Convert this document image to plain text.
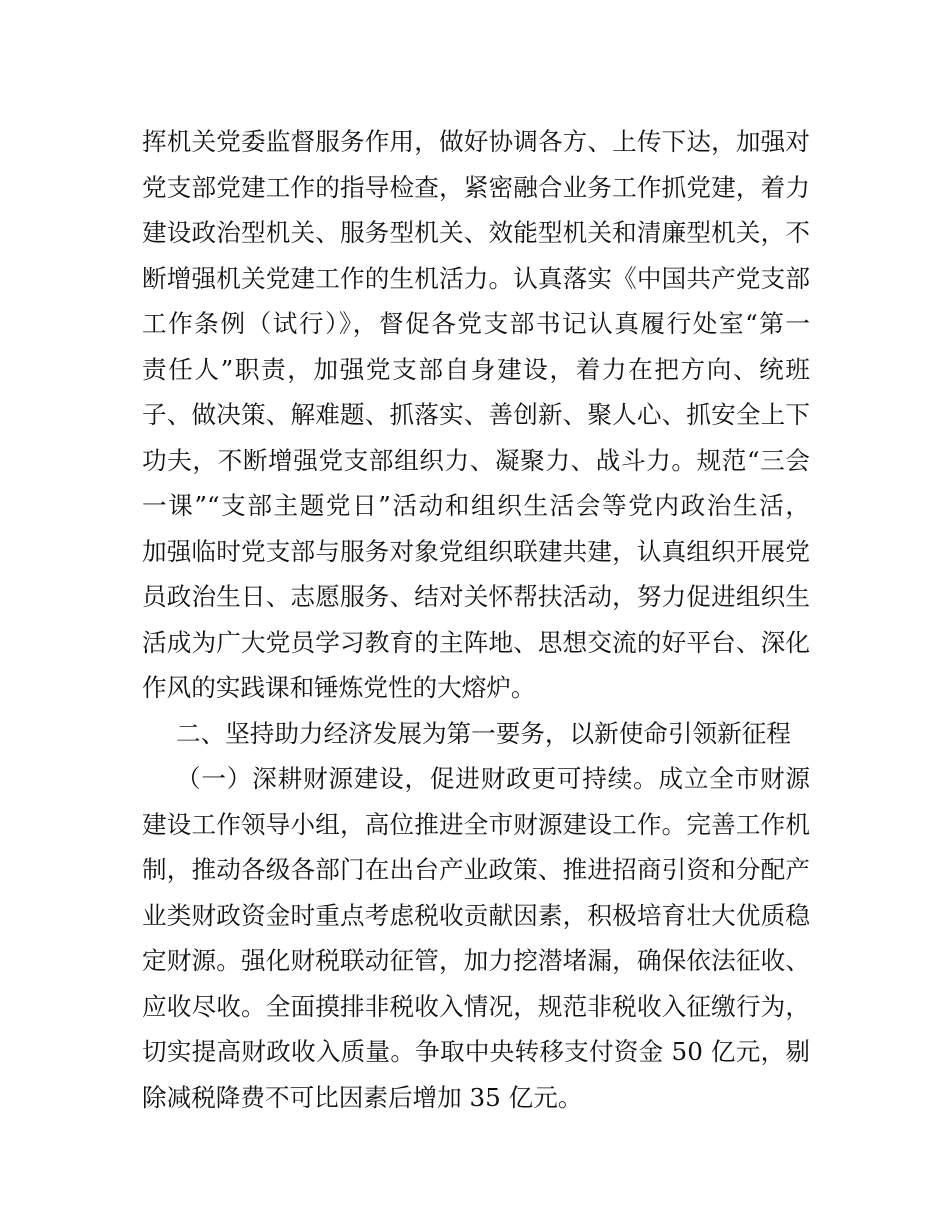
挥机关党委监督服务作用，做好协调各方、上传下达，加强对
党支部党建工作的指导检查，紧密融合业务工作抓党建，着力
建设政治型机关、服务型机关、效能型机关和清廉型机关，不
断增强机关党建工作的生机活力。认真落实《中国共产党支部
工作条例（试行）》，督促各党支部书记认真履行处室“第一
责任人”职责，加强党支部自身建设，着力在把方向、统班
子、做决策、解难题、抓落实、善创新、聚人心、抓安全上下
功夫，不断增强党支部组织力、凝聚力、战斗力。规范“三会
一课”“支部主题党日”活动和组织生活会等党内政治生活，
加强临时党支部与服务对象党组织联建共建，认真组织开展党
员政治生日、志愿服务、结对关怀帮扶活动，努力促进组织生
活成为广大党员学习教育的主阵地、思想交流的好平台、深化
作风的实践课和锤炼党性的大熔炉。
二、坚持助力经济发展为第一要务，以新使命引领新征程
（一）深耕财源建设，促进财政更可持续。成立全市财源
建设工作领导小组，高位推进全市财源建设工作。完善工作机
制，推动各级各部门在出台产业政策、推进招商引资和分配产
业类财政资金时重点考虑税收贡献因素，积极培育壮大优质稳
定财源。强化财税联动征管，加力挖潜堵漏，确保依法征收、
应收尽收。全面摸排非税收入情况，规范非税收入征缴行为，
切实提高财政收入质量。争取中央转移支付资金 50 亿元，剔
除减税降费不可比因素后增加 35 亿元。
